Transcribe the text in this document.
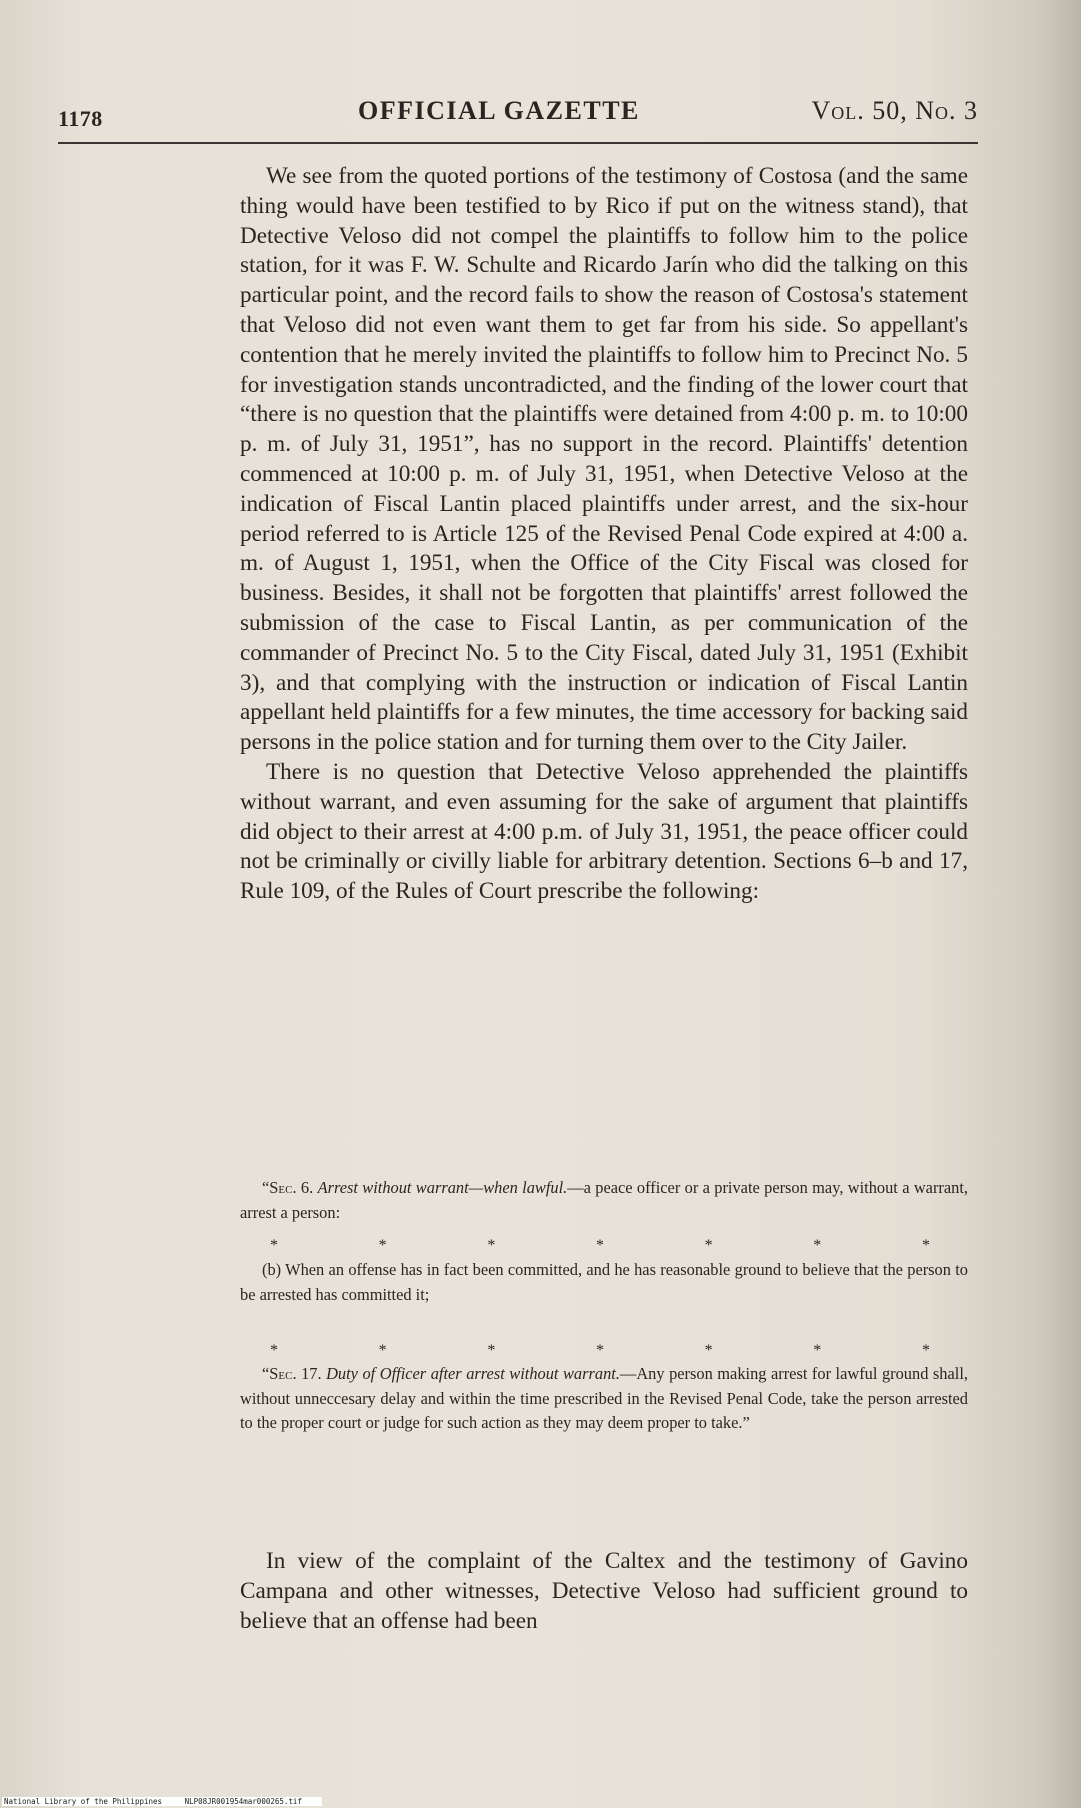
1178	OFFICIAL GAZETTE	Vol. 50, No. 3

We see from the quoted portions of the testimony of Costosa (and the same thing would have been testified to by Rico if put on the witness stand), that Detective Veloso did not compel the plaintiffs to follow him to the police station, for it was F. W. Schulte and Ricardo Jarín who did the talking on this particular point, and the record fails to show the reason of Costosa's statement that Veloso did not even want them to get far from his side. So appellant's contention that he merely invited the plaintiffs to follow him to Precinct No. 5 for investigation stands uncontradicted, and the finding of the lower court that “there is no question that the plaintiffs were detained from 4:00 p. m. to 10:00 p. m. of July 31, 1951”, has no support in the record. Plaintiffs' detention commenced at 10:00 p. m. of July 31, 1951, when Detective Veloso at the indication of Fiscal Lantin placed plaintiffs under arrest, and the six-hour period referred to is Article 125 of the Revised Penal Code expired at 4:00 a. m. of August 1, 1951, when the Office of the City Fiscal was closed for business. Besides, it shall not be forgotten that plaintiffs' arrest followed the submission of the case to Fiscal Lantin, as per communication of the commander of Precinct No. 5 to the City Fiscal, dated July 31, 1951 (Exhibit 3), and that complying with the instruction or indication of Fiscal Lantin appellant held plaintiffs for a few minutes, the time accessory for backing said persons in the police station and for turning them over to the City Jailer.

There is no question that Detective Veloso apprehended the plaintiffs without warrant, and even assuming for the sake of argument that plaintiffs did object to their arrest at 4:00 p.m. of July 31, 1951, the peace officer could not be criminally or civilly liable for arbitrary detention. Sections 6–b and 17, Rule 109, of the Rules of Court prescribe the following:

“Sec. 6. Arrest without warrant—when lawful.—a peace officer or a private person may, without a warrant, arrest a person:

*	*	*	*	*	*	*

(b) When an offense has in fact been committed, and he has reasonable ground to believe that the person to be arrested has committed it;

*	*	*	*	*	*	*

“Sec. 17. Duty of Officer after arrest without warrant.—Any person making arrest for lawful ground shall, without unneccesary delay and within the time prescribed in the Revised Penal Code, take the person arrested to the proper court or judge for such action as they may deem proper to take.”

In view of the complaint of the Caltex and the testimony of Gavino Campana and other witnesses, Detective Veloso had sufficient ground to believe that an offense had been

National Library of the Philippines	NLP08JR001954mar000265.tif
